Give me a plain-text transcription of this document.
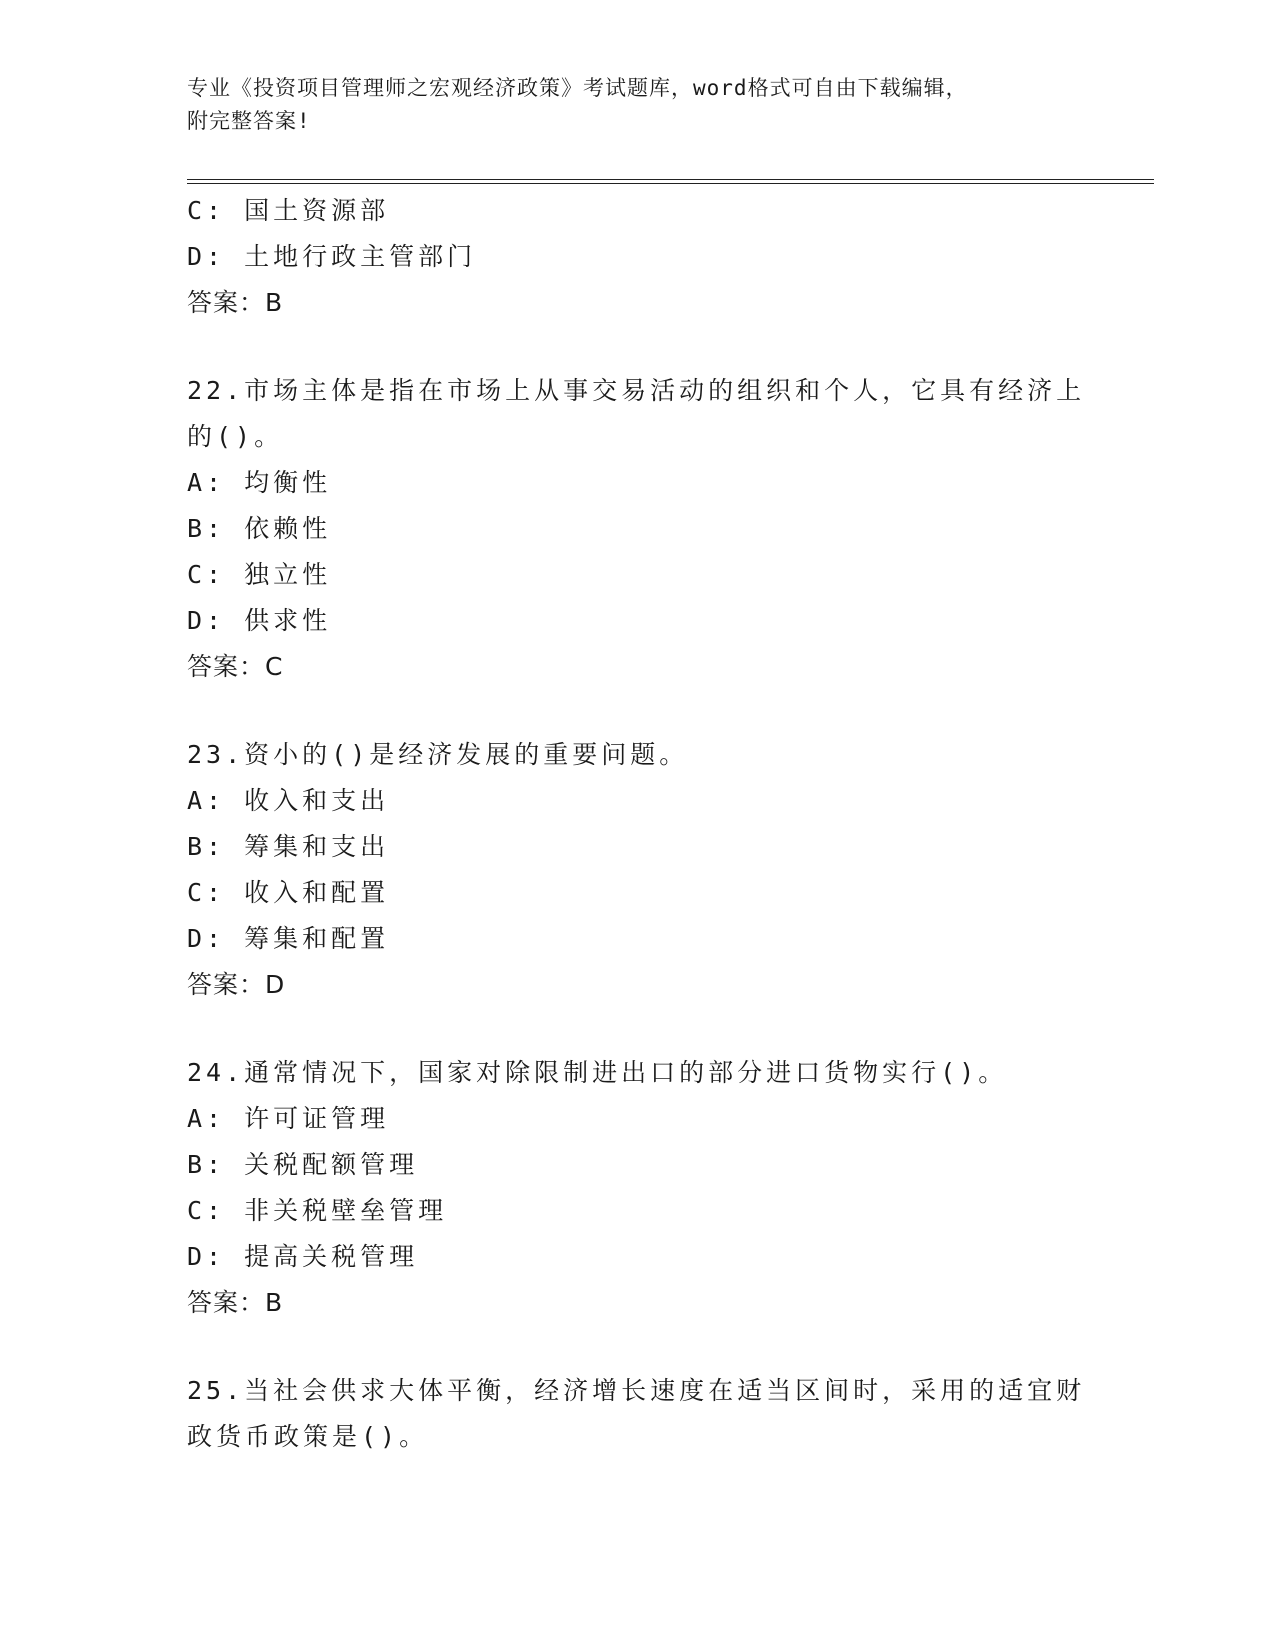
专业《投资项目管理师之宏观经济政策》考试题库，word格式可自由下载编辑，
附完整答案!
C: 国土资源部
D: 土地行政主管部门
答案：B
22.市场主体是指在市场上从事交易活动的组织和个人，它具有经济上
的()。
A: 均衡性
B: 依赖性
C: 独立性
D: 供求性
答案：C
23.资小的()是经济发展的重要问题。
A: 收入和支出
B: 筹集和支出
C: 收入和配置
D: 筹集和配置
答案：D
24.通常情况下，国家对除限制进出口的部分进口货物实行()。
A: 许可证管理
B: 关税配额管理
C: 非关税壁垒管理
D: 提高关税管理
答案：B
25.当社会供求大体平衡，经济增长速度在适当区间时，采用的适宜财
政货币政策是()。
